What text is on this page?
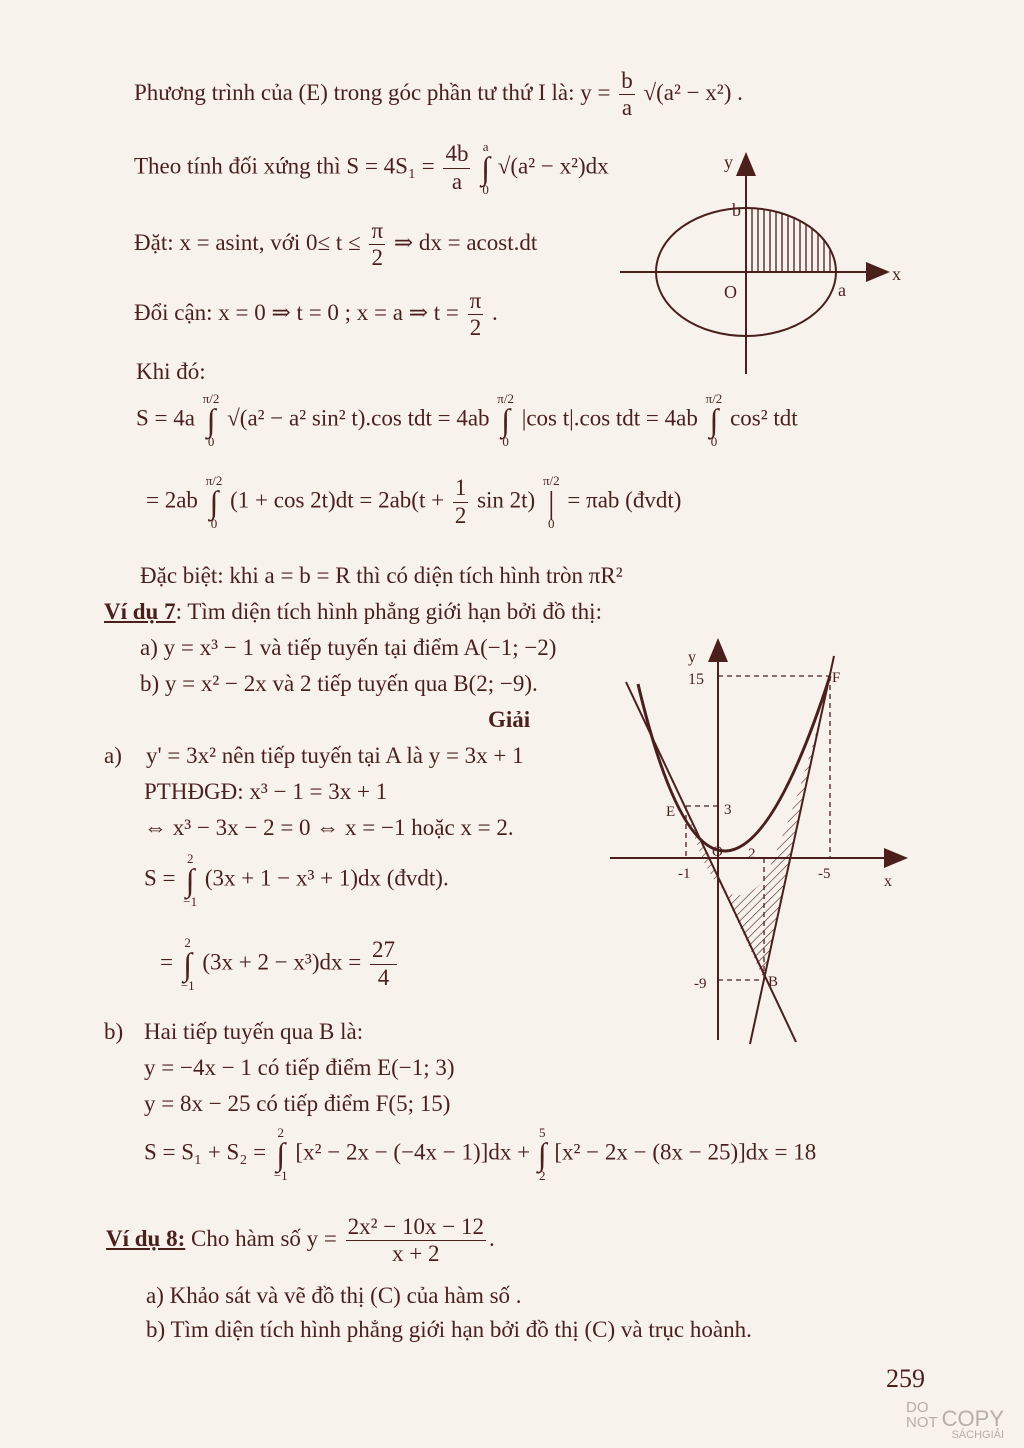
Phương trình của (E) trong góc phần tư thứ I là: $y = \frac{b}{a} √(a^2 - x^2)$ .
Theo tính đối xứng thì $S = 4S_1 = \frac{4b}{a}$
a
∫
0
√(a² − x²)dx
Đặt: x = asint, với $0\le t \le \frac{\pi}{2}$ ⇒ dx = acost.dt
Đổi cận: x = 0 ⇒ t = 0 ; x = a ⇒ $t = \frac{\pi}{2}$ .
Khi đó:
S = 4a
π/2
∫
0
√(a² − a² sin² t).cos tdt = 4ab
π/2
∫
0
|cos t|.cos tdt = 4ab
π/2
∫
0
cos² tdt
= 2ab
π/2
∫
0
$(1 + \cos 2t)dt = 2ab(t + \frac{1}{2}$ sin 2t)
π/2
|
0
= πab (đvdt)
Đặc biệt: khi a = b = R thì có diện tích hình tròn πR²
y
x
b
O	a
Ví dụ 7: Tìm diện tích hình phẳng giới hạn bởi đồ thị:
a) y = x³ − 1 và tiếp tuyến tại điểm A(−1; −2)
b) y = x² − 2x và 2 tiếp tuyến qua B(2; −9).
Giải
a) y' = 3x² nên tiếp tuyến tại A là y = 3x + 1
PTHĐGĐ: x³ − 1 = 3x + 1
⇔ x³ − 3x − 2 = 0 ⇔ x = −1 hoặc x = 2.
S =
2
∫
−1
(3x + 1 − x³ + 1)dx (đvdt).
=
2
∫
−1
$(3x + 2 - x^3)dx = \frac{27}{4}$
b) Hai tiếp tuyến qua B là:
y = −4x − 1 có tiếp điểm E(−1; 3)
y = 8x − 25 có tiếp điểm F(5; 15)
S = S₁ + S₂ =
2
∫
−1
[x² − 2x − (−4x − 1)]dx +
5
∫
2
[x² − 2x − (8x − 25)]dx = 18
y
15	F
E	3
O 2
-1	-5	x
-9	B
Ví dụ 8: Cho hàm số $y = \frac{\text{2x² − 10x − 12}}{x + 2}$ .
a) Khảo sát và vẽ đồ thị (C) của hàm số .
b) Tìm diện tích hình phẳng giới hạn bởi đồ thị (C) và trục hoành.
259
DO
NOT COPY
SÁCHGIẢI
